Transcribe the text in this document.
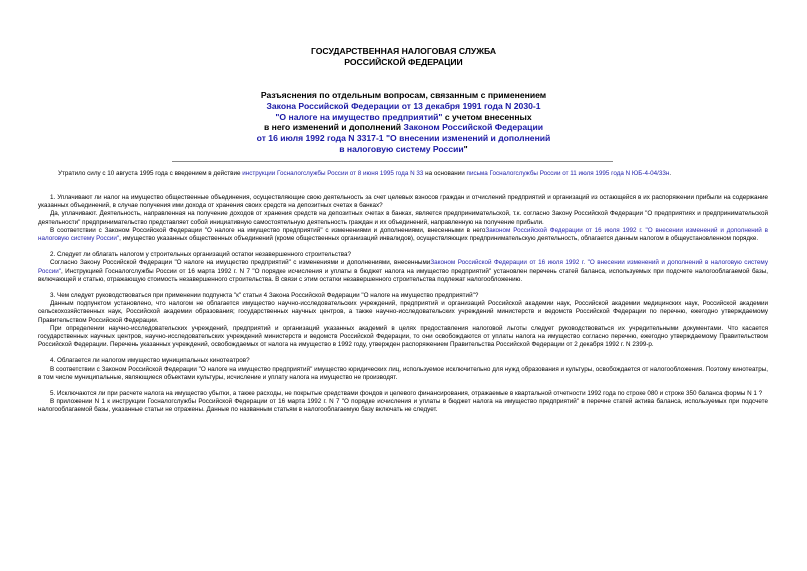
ГОСУДАРСТВЕННАЯ НАЛОГОВАЯ СЛУЖБА
РОССИЙСКОЙ ФЕДЕРАЦИИ
Разъяснения по отдельным вопросам, связанным с применением
Закона Российской Федерации от 13 декабря 1991 года N 2030-1
"О налоге на имущество предприятий" с учетом внесенных
в него изменений и дополнений Законом Российской Федерации
от 16 июля 1992 года N 3317-1 "О внесении изменений и дополнений
в налоговую систему России"
Утратило силу с 10 августа 1995 года с введением в действие инструкции Госналогслужбы России от 8 июня 1995 года N 33 на основании письма Госналогслужбы России от 11 июля 1995 года N ЮБ-4-04/33н.

1. Уплачивают ли налог на имущество общественные объединения, осуществляющие свою деятельность за счет целевых взносов граждан и отчислений предприятий и организаций из остающейся в их распоряжении прибыли на содержание указанных объединений, в случае получения ими дохода от хранения своих средств на депозитных счетах в банках?

Да, уплачивают. Деятельность, направленная на получение доходов от хранения средств на депозитных счетах в банках, является предпринимательской, т.к. согласно Закону Российской Федерации "О предприятиях и предпринимательской деятельности" предпринимательство представляет собой инициативную самостоятельную деятельность граждан и их объединений, направленную на получение прибыли.

В соответствии с Законом Российской Федерации "О налоге на имущество предприятий" с изменениями и дополнениями, внесенными в негоЗаконом Российской Федерации от 16 июля 1992 г. "О внесении изменений и дополнений в налоговую систему России", имущество указанных общественных объединений (кроме общественных организаций инвалидов), осуществляющих предпринимательскую деятельность, облагается данным налогом в общеустановленном порядке.

2. Следует ли облагать налогом у строительных организаций остатки незавершенного строительства?

Согласно Закону Российской Федерации "О налоге на имущество предприятий" с изменениями и дополнениями, внесеннымиЗаконом Российской Федерации от 16 июля 1992 г. "О внесении изменений и дополнений в налоговую систему России", Инструкцией Госналогслужбы России от 16 марта 1992 г. N 7 "О порядке исчисления и уплаты в бюджет налога на имущество предприятий" установлен перечень статей баланса, используемых при подсчете налогооблагаемой базы, включающей и статью, отражающую стоимость незавершенного строительства. В связи с этим остатки незавершенного строительства подлежат налогообложению.

3. Чем следует руководствоваться при применении подпункта "к" статьи 4 Закона Российской Федерации "О налоге на имущество предприятий"?

Данным подпунктом установлено, что налогом не облагается имущество научно-исследовательских учреждений, предприятий и организаций Российской академии наук, Российской академии медицинских наук, Российской академии сельскохозяйственных наук, Российской академии образования; государственных научных центров, а также научно-исследовательских учреждений министерств и ведомств Российской Федерации по перечню, ежегодно утверждаемому Правительством Российской Федерации.

При определении научно-исследовательских учреждений, предприятий и организаций указанных академий в целях предоставления налоговой льготы следует руководствоваться их учредительными документами. Что касается государственных научных центров, научно-исследовательских учреждений министерств и ведомств Российской Федерации, то они освобождаются от уплаты налога на имущество согласно перечню, ежегодно утверждаемому Правительством Российской Федерации. Перечень указанных учреждений, освобождаемых от налога на имущество в 1992 году, утвержден распоряжением Правительства Российской Федерации от 2 декабря 1992 г. N 2399-р.

4. Облагается ли налогом имущество муниципальных кинотеатров?

В соответствии с Законом Российской Федерации "О налоге на имущество предприятий" имущество юридических лиц, используемое исключительно для нужд образования и культуры, освобождается от налогообложения. Поэтому кинотеатры, в том числе муниципальные, являющиеся объектами культуры, исчисление и уплату налога на имущество не производят.

5. Исключаются ли при расчете налога на имущество убытки, а также расходы, не покрытые средствами фондов и целевого финансирования, отражаемые в квартальной отчетности 1992 года по строке 080 и строке 350 баланса формы N 1 ?

В приложении N 1 к инструкции Госналогслужбы Российской Федерации от 16 марта 1992 г. N 7 "О порядке исчисления и уплаты в бюджет налога на имущество предприятий" в перечне статей актива баланса, используемых при подсчете налогооблагаемой базы, указанные статьи не отражены. Данные по названным статьям в налогооблагаемую базу включать не следует.
